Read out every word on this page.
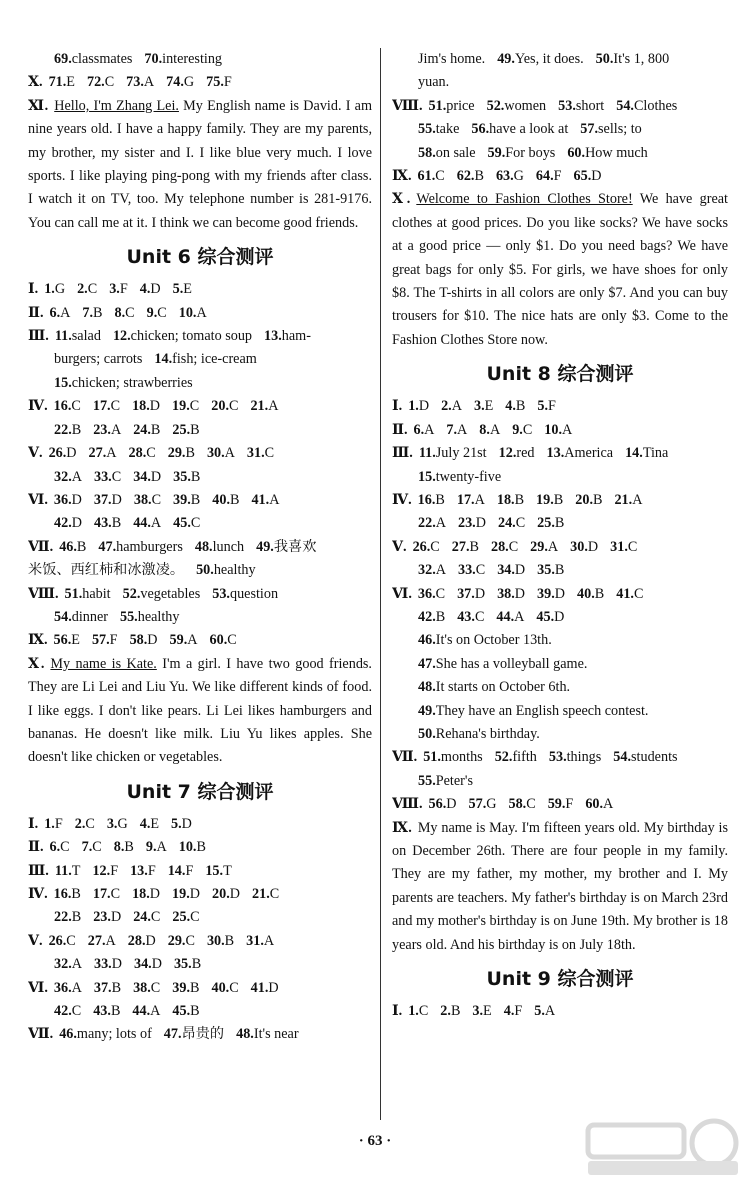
69.classmates 70.interesting
Ⅹ. 71.E 72.C 73.A 74.G 75.F
Ⅺ. Hello, I'm Zhang Lei. My English name is David. I am nine years old. I have a happy family. They are my parents, my brother, my sister and I. I like blue very much. I love sports. I like playing ping-pong with my friends after class. I watch it on TV, too. My telephone number is 281-9176. You can call me at it. I think we can become good friends.
Unit 6 综合测评
Ⅰ. 1.G 2.C 3.F 4.D 5.E
Ⅱ. 6.A 7.B 8.C 9.C 10.A
Ⅲ. 11.salad 12.chicken; tomato soup 13.ham-
burgers; carrots 14.fish; ice-cream
15.chicken; strawberries
Ⅳ. 16.C 17.C 18.D 19.C 20.C 21.A
22.B 23.A 24.B 25.B
Ⅴ. 26.D 27.A 28.C 29.B 30.A 31.C
32.A 33.C 34.D 35.B
Ⅵ. 36.D 37.D 38.C 39.B 40.B 41.A
42.D 43.B 44.A 45.C
Ⅶ. 46.B 47.hamburgers 48.lunch 49.我喜欢
米饭、西红柿和冰激凌。 50.healthy
Ⅷ. 51.habit 52.vegetables 53.question
54.dinner 55.healthy
Ⅸ. 56.E 57.F 58.D 59.A 60.C
Ⅹ. My name is Kate. I'm a girl. I have two good friends. They are Li Lei and Liu Yu. We like different kinds of food. I like eggs. I don't like pears. Li Lei likes hamburgers and bananas. He doesn't like milk. Liu Yu likes apples. She doesn't like chicken or vegetables.
Unit 7 综合测评
Ⅰ. 1.F 2.C 3.G 4.E 5.D
Ⅱ. 6.C 7.C 8.B 9.A 10.B
Ⅲ. 11.T 12.F 13.F 14.F 15.T
Ⅳ. 16.B 17.C 18.D 19.D 20.D 21.C
22.B 23.D 24.C 25.C
Ⅴ. 26.C 27.A 28.D 29.C 30.B 31.A
32.A 33.D 34.D 35.B
Ⅵ. 36.A 37.B 38.C 39.B 40.C 41.D
42.C 43.B 44.A 45.B
Ⅶ. 46.many; lots of 47.昂贵的 48.It's near
Jim's home. 49.Yes, it does. 50.It's 1, 800
yuan.
Ⅷ. 51.price 52.women 53.short 54.Clothes
55.take 56.have a look at 57.sells; to
58.on sale 59.For boys 60.How much
Ⅸ. 61.C 62.B 63.G 64.F 65.D
Ⅹ. Welcome to Fashion Clothes Store! We have great clothes at good prices. Do you like socks? We have socks at a good price — only $1. Do you need bags? We have great bags for only $5. For girls, we have shoes for only $8. The T-shirts in all colors are only $7. And you can buy trousers for $10. The nice hats are only $3. Come to the Fashion Clothes Store now.
Unit 8 综合测评
Ⅰ. 1.D 2.A 3.E 4.B 5.F
Ⅱ. 6.A 7.A 8.A 9.C 10.A
Ⅲ. 11.July 21st 12.red 13.America 14.Tina
15.twenty-five
Ⅳ. 16.B 17.A 18.B 19.B 20.B 21.A
22.A 23.D 24.C 25.B
Ⅴ. 26.C 27.B 28.C 29.A 30.D 31.C
32.A 33.C 34.D 35.B
Ⅵ. 36.C 37.D 38.D 39.D 40.B 41.C
42.B 43.C 44.A 45.D
46.It's on October 13th.
47.She has a volleyball game.
48.It starts on October 6th.
49.They have an English speech contest.
50.Rehana's birthday.
Ⅶ. 51.months 52.fifth 53.things 54.students
55.Peter's
Ⅷ. 56.D 57.G 58.C 59.F 60.A
Ⅸ. My name is May. I'm fifteen years old. My birthday is on December 26th. There are four people in my family. They are my father, my mother, my brother and I. My parents are teachers. My father's birthday is on March 23rd and my mother's birthday is on June 19th. My brother is 18 years old. And his birthday is on July 18th.
Unit 9 综合测评
Ⅰ. 1.C 2.B 3.E 4.F 5.A
· 63 ·
